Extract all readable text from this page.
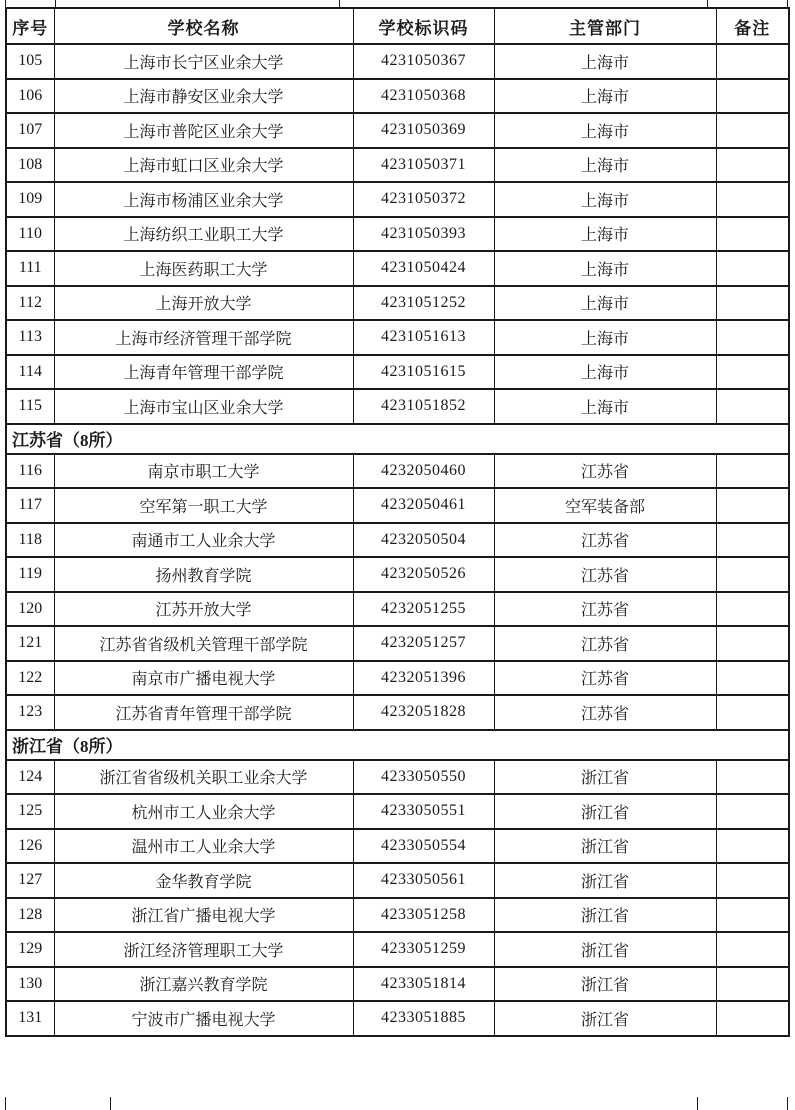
序号	学校名称	学校标识码	主管部门	备注
105	上海市长宁区业余大学	4231050367	上海市	
106	上海市静安区业余大学	4231050368	上海市	
107	上海市普陀区业余大学	4231050369	上海市	
108	上海市虹口区业余大学	4231050371	上海市	
109	上海市杨浦区业余大学	4231050372	上海市	
110	上海纺织工业职工大学	4231050393	上海市	
111	上海医药职工大学	4231050424	上海市	
112	上海开放大学	4231051252	上海市	
113	上海市经济管理干部学院	4231051613	上海市	
114	上海青年管理干部学院	4231051615	上海市	
115	上海市宝山区业余大学	4231051852	上海市	
江苏省（8所）				
116	南京市职工大学	4232050460	江苏省	
117	空军第一职工大学	4232050461	空军装备部	
118	南通市工人业余大学	4232050504	江苏省	
119	扬州教育学院	4232050526	江苏省	
120	江苏开放大学	4232051255	江苏省	
121	江苏省省级机关管理干部学院	4232051257	江苏省	
122	南京市广播电视大学	4232051396	江苏省	
123	江苏省青年管理干部学院	4232051828	江苏省	
浙江省（8所）				
124	浙江省省级机关职工业余大学	4233050550	浙江省	
125	杭州市工人业余大学	4233050551	浙江省	
126	温州市工人业余大学	4233050554	浙江省	
127	金华教育学院	4233050561	浙江省	
128	浙江省广播电视大学	4233051258	浙江省	
129	浙江经济管理职工大学	4233051259	浙江省	
130	浙江嘉兴教育学院	4233051814	浙江省	
131	宁波市广播电视大学	4233051885	浙江省	
